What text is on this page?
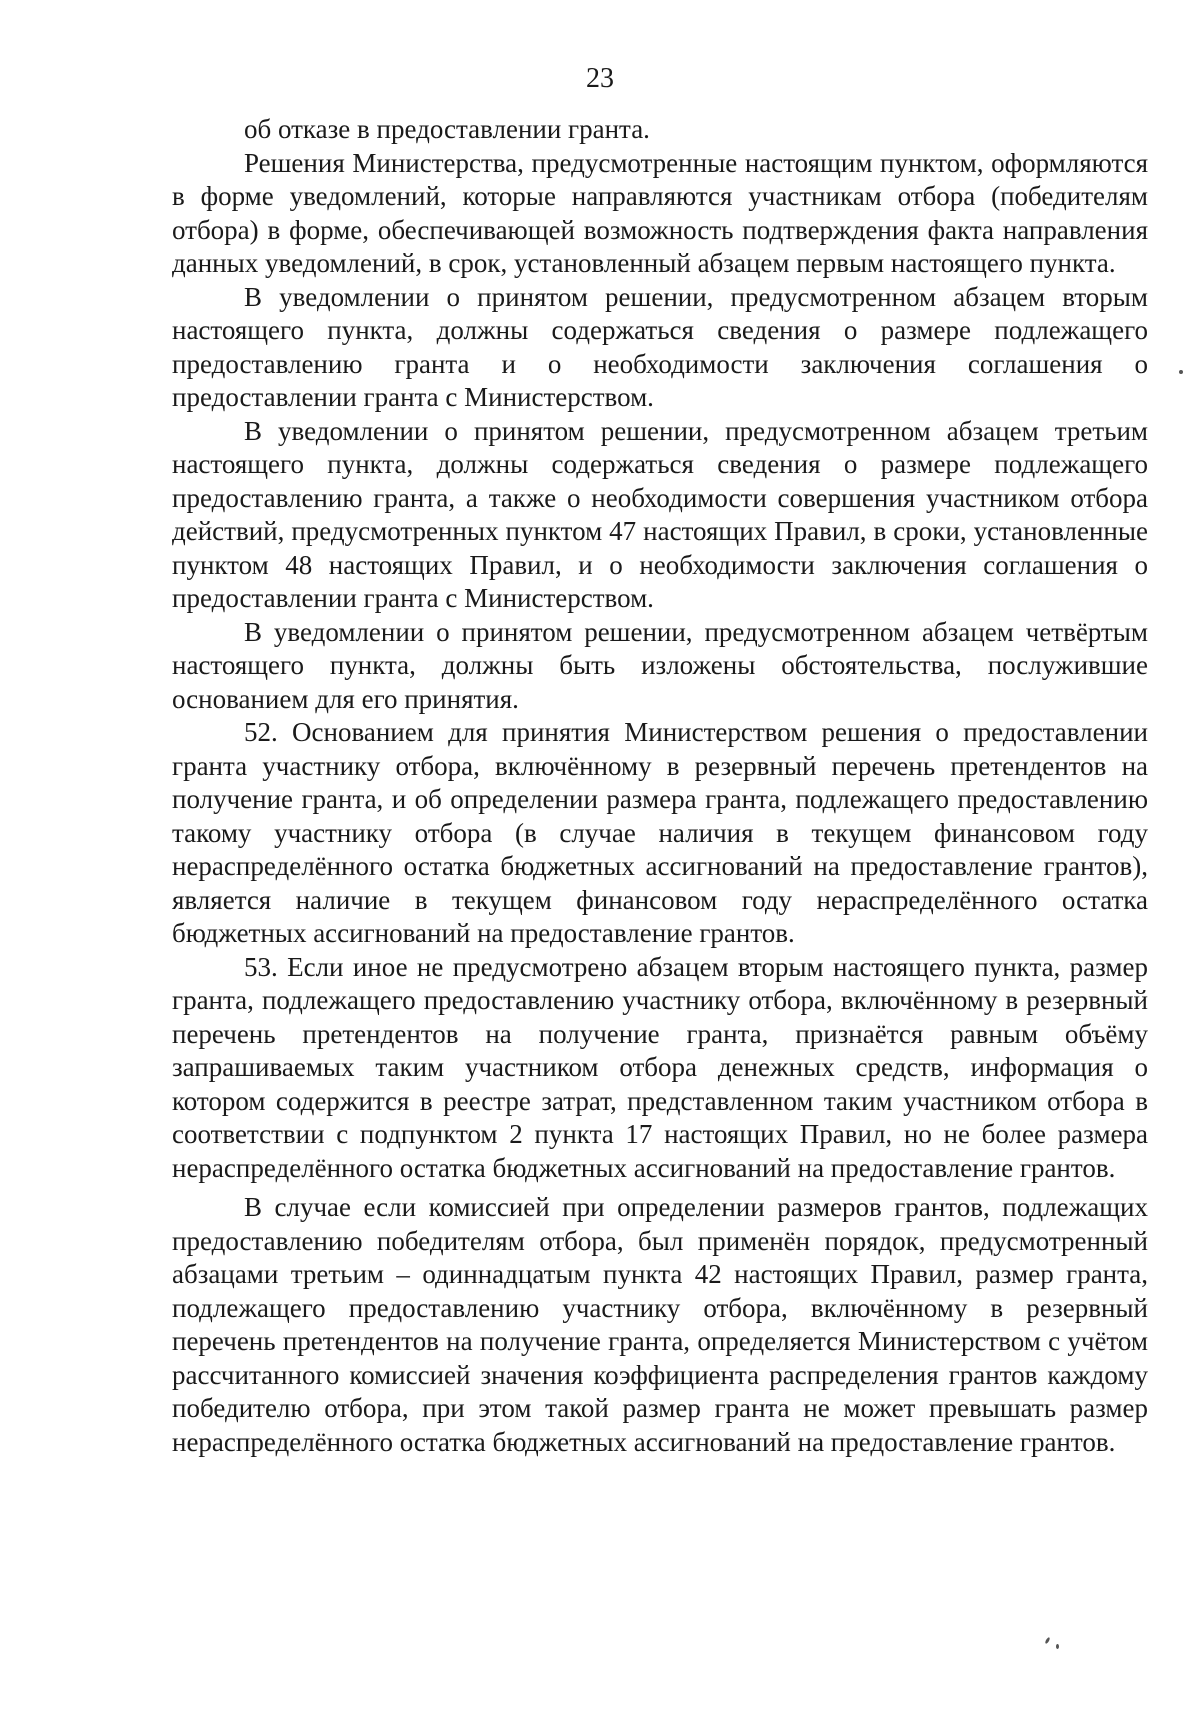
23

об отказе в предоставлении гранта.

Решения Министерства, предусмотренные настоящим пунктом, оформляются в форме уведомлений, которые направляются участникам отбора (победителям отбора) в форме, обеспечивающей возможность подтверждения факта направления данных уведомлений, в срок, установленный абзацем первым настоящего пункта.

В уведомлении о принятом решении, предусмотренном абзацем вторым настоящего пункта, должны содержаться сведения о размере подлежащего предоставлению гранта и о необходимости заключения соглашения о предоставлении гранта с Министерством.

В уведомлении о принятом решении, предусмотренном абзацем третьим настоящего пункта, должны содержаться сведения о размере подлежащего предоставлению гранта, а также о необходимости совершения участником отбора действий, предусмотренных пунктом 47 настоящих Правил, в сроки, установленные пунктом 48 настоящих Правил, и о необходимости заключения соглашения о предоставлении гранта с Министерством.

В уведомлении о принятом решении, предусмотренном абзацем четвёртым настоящего пункта, должны быть изложены обстоятельства, послужившие основанием для его принятия.

52. Основанием для принятия Министерством решения о предоставлении гранта участнику отбора, включённому в резервный перечень претендентов на получение гранта, и об определении размера гранта, подлежащего предоставлению такому участнику отбора (в случае наличия в текущем финансовом году нераспределённого остатка бюджетных ассигнований на предоставление грантов), является наличие в текущем финансовом году нераспределённого остатка бюджетных ассигнований на предоставление грантов.

53. Если иное не предусмотрено абзацем вторым настоящего пункта, размер гранта, подлежащего предоставлению участнику отбора, включённому в резервный перечень претендентов на получение гранта, признаётся равным объёму запрашиваемых таким участником отбора денежных средств, информация о котором содержится в реестре затрат, представленном таким участником отбора в соответствии с подпунктом 2 пункта 17 настоящих Правил, но не более размера нераспределённого остатка бюджетных ассигнований на предоставление грантов.

В случае если комиссией при определении размеров грантов, подлежащих предоставлению победителям отбора, был применён порядок, предусмотренный абзацами третьим – одиннадцатым пункта 42 настоящих Правил, размер гранта, подлежащего предоставлению участнику отбора, включённому в резервный перечень претендентов на получение гранта, определяется Министерством с учётом рассчитанного комиссией значения коэффициента распределения грантов каждому победителю отбора, при этом такой размер гранта не может превышать размер нераспределённого остатка бюджетных ассигнований на предоставление грантов.
